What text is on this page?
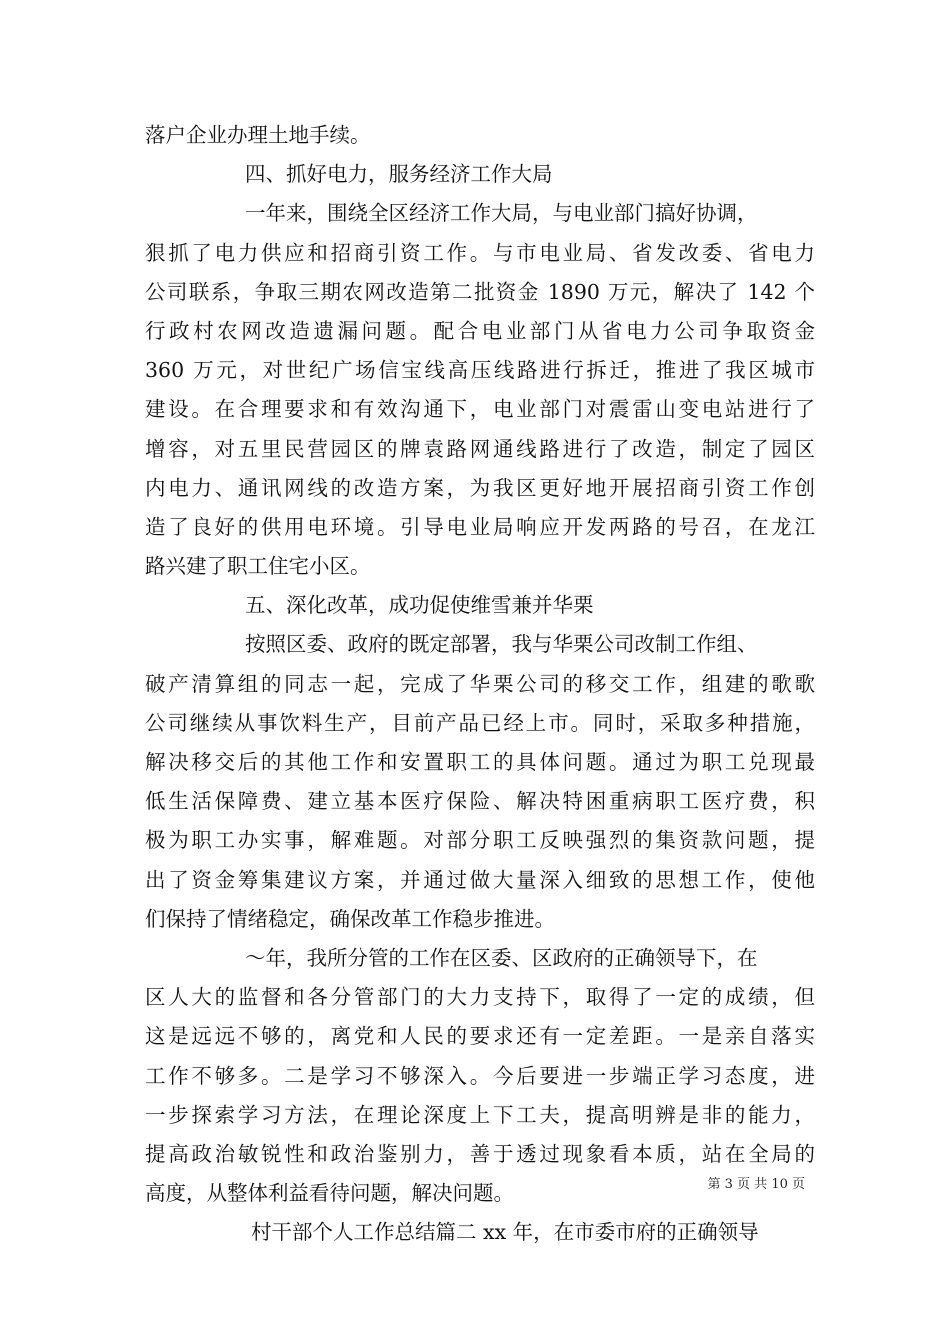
落户企业办理土地手续。
四、抓好电力，服务经济工作大局
一年来，围绕全区经济工作大局，与电业部门搞好协调，
狠抓了电力供应和招商引资工作。与市电业局、省发改委、省电力
公司联系，争取三期农网改造第二批资金 1890 万元，解决了 142 个
行政村农网改造遗漏问题。配合电业部门从省电力公司争取资金
360 万元，对世纪广场信宝线高压线路进行拆迁，推进了我区城市
建设。在合理要求和有效沟通下，电业部门对震雷山变电站进行了
增容，对五里民营园区的牌袁路网通线路进行了改造，制定了园区
内电力、通讯网线的改造方案，为我区更好地开展招商引资工作创
造了良好的供用电环境。引导电业局响应开发两路的号召，在龙江
路兴建了职工住宅小区。
五、深化改革，成功促使维雪兼并华栗
按照区委、政府的既定部署，我与华栗公司改制工作组、
破产清算组的同志一起，完成了华栗公司的移交工作，组建的歌歌
公司继续从事饮料生产，目前产品已经上市。同时，采取多种措施，
解决移交后的其他工作和安置职工的具体问题。通过为职工兑现最
低生活保障费、建立基本医疗保险、解决特困重病职工医疗费，积
极为职工办实事，解难题。对部分职工反映强烈的集资款问题，提
出了资金筹集建议方案，并通过做大量深入细致的思想工作，使他
们保持了情绪稳定，确保改革工作稳步推进。
～年，我所分管的工作在区委、区政府的正确领导下，在
区人大的监督和各分管部门的大力支持下，取得了一定的成绩，但
这是远远不够的，离党和人民的要求还有一定差距。一是亲自落实
工作不够多。二是学习不够深入。今后要进一步端正学习态度，进
一步探索学习方法，在理论深度上下工夫，提高明辨是非的能力，
提高政治敏锐性和政治鉴别力，善于透过现象看本质，站在全局的
高度，从整体利益看待问题，解决问题。
村干部个人工作总结篇二 xx 年，在市委市府的正确领导
第 3 页 共 10 页
